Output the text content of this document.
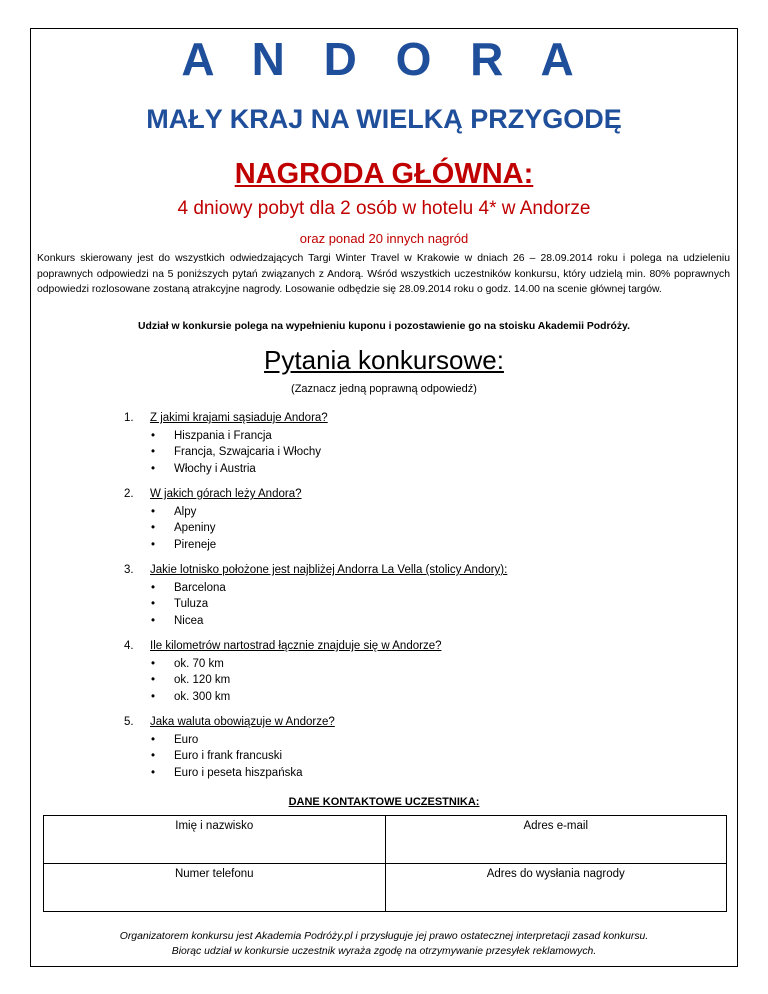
A N D O R A
MAŁY KRAJ NA WIELKĄ PRZYGODĘ
NAGRODA GŁÓWNA:
4 dniowy pobyt dla 2 osób w hotelu 4* w Andorze
oraz ponad 20 innych nagród
Konkurs skierowany jest do wszystkich odwiedzających Targi Winter Travel w Krakowie w dniach 26 – 28.09.2014 roku i polega na udzieleniu poprawnych odpowiedzi na 5 poniższych pytań związanych z Andorą. Wśród wszystkich uczestników konkursu, który udzielą min. 80% poprawnych odpowiedzi rozlosowane zostaną atrakcyjne nagrody. Losowanie odbędzie się 28.09.2014 roku o godz. 14.00 na scenie głównej targów.
Udział w konkursie polega na wypełnieniu kuponu i pozostawienie go na stoisku Akademii Podróży.
Pytania konkursowe:
(Zaznacz jedną poprawną odpowiedź)
1.	Z jakimi krajami sąsiaduje Andora?
• Hiszpania i Francja
• Francja, Szwajcaria i Włochy
• Włochy i Austria
2.	W jakich górach leży Andora?
• Alpy
• Apeniny
• Pireneje
3.	Jakie lotnisko położone jest najbliżej Andorra La Vella (stolicy Andory):
• Barcelona
• Tuluza
• Nicea
4.	Ile kilometrów nartostrad łącznie znajduje się w Andorze?
• ok. 70 km
• ok. 120 km
• ok. 300 km
5.	Jaka waluta obowiązuje w Andorze?
• Euro
• Euro i frank francuski
• Euro i peseta hiszpańska
DANE KONTAKTOWE UCZESTNIKA:
Imię i nazwisko	Adres e-mail
Numer telefonu	Adres do wysłania nagrody
Organizatorem konkursu jest Akademia Podróży.pl i przysługuje jej prawo ostatecznej interpretacji zasad konkursu.
Biorąc udział w konkursie uczestnik wyraża zgodę na otrzymywanie przesyłek reklamowych.
